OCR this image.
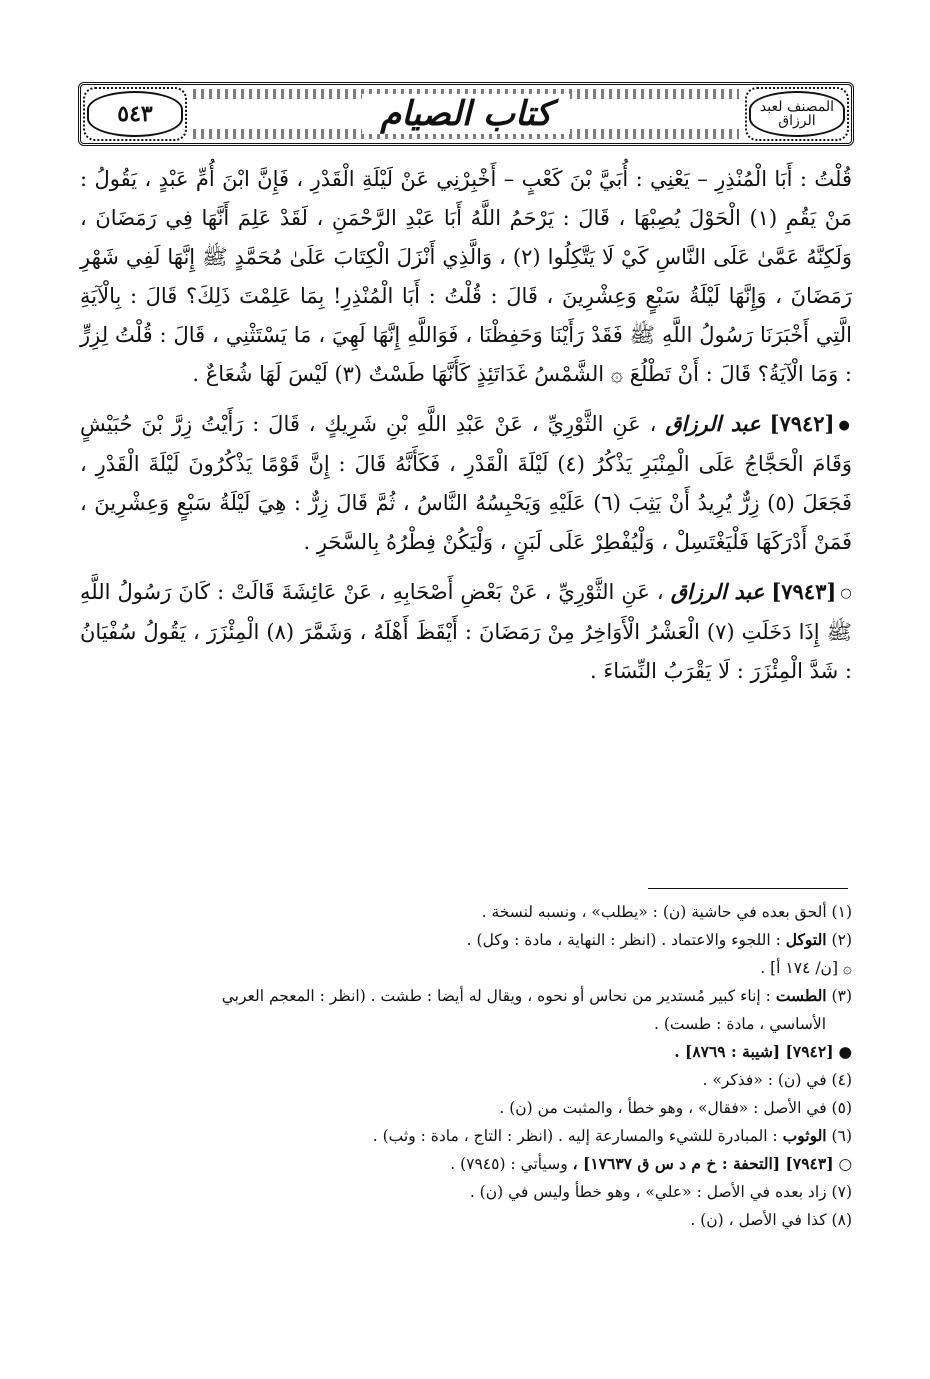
المصنف لعبد الرزاق
كتاب الصيام
٥٤٣

قُلْتُ : أَبَا الْمُنْذِرِ – يَعْنِي : أُبَيَّ بْنَ كَعْبٍ – أَخْبِرْنِي عَنْ لَيْلَةِ الْقَدْرِ ، فَإِنَّ ابْنَ أُمِّ عَبْدٍ ، يَقُولُ : مَنْ يَقُمِ (١) الْحَوْلَ يُصِبْهَا ، قَالَ : يَرْحَمُ اللَّهُ أَبَا عَبْدِ الرَّحْمَنِ ، لَقَدْ عَلِمَ أَنَّهَا فِي رَمَضَانَ ، وَلَكِنَّهُ عَمَّىٰ عَلَى النَّاسِ كَيْ لَا يَتَّكِلُوا (٢) ، وَالَّذِي أَنْزَلَ الْكِتَابَ عَلَىٰ مُحَمَّدٍ ﷺ إِنَّهَا لَفِي شَهْرِ رَمَضَانَ ، وَإِنَّهَا لَيْلَةُ سَبْعٍ وَعِشْرِينَ ، قَالَ : قُلْتُ : أَبَا الْمُنْذِرِ! بِمَا عَلِمْتَ ذَلِكَ؟ قَالَ : بِالْآيَةِ الَّتِي أَخْبَرَنَا رَسُولُ اللَّهِ ﷺ فَقَدْ رَأَيْنَا وَحَفِظْنَا ، فَوَاللَّهِ إِنَّهَا لَهِيَ ، مَا يَسْتَثْنِي ، قَالَ : قُلْتُ لِزِرٍّ : وَمَا الْآيَةُ؟ قَالَ : أَنْ تَطْلُعَ ۞ الشَّمْسُ غَدَاتَئِذٍ كَأَنَّهَا طَسْتٌ (٣) لَيْسَ لَهَا شُعَاعٌ .

●[٧٩٤٢] عبد الرزاق ، عَنِ الثَّوْرِيِّ ، عَنْ عَبْدِ اللَّهِ بْنِ شَرِيكٍ ، قَالَ : رَأَيْتُ زِرَّ بْنَ حُبَيْشٍ وَقَامَ الْحَجَّاجُ عَلَى الْمِنْبَرِ يَذْكُرُ (٤) لَيْلَةَ الْقَدْرِ ، فَكَأَنَّهُ قَالَ : إِنَّ قَوْمًا يَذْكُرُونَ لَيْلَةَ الْقَدْرِ ، فَجَعَلَ (٥) زِرٌّ يُرِيدُ أَنْ يَثِبَ (٦) عَلَيْهِ وَيَحْبِسُهُ النَّاسُ ، ثُمَّ قَالَ زِرٌّ : هِيَ لَيْلَةُ سَبْعٍ وَعِشْرِينَ ، فَمَنْ أَدْرَكَهَا فَلْيَغْتَسِلْ ، وَلْيُفْطِرْ عَلَى لَبَنٍ ، وَلْيَكُنْ فِطْرُهُ بِالسَّحَرِ .

○[٧٩٤٣] عبد الرزاق ، عَنِ الثَّوْرِيِّ ، عَنْ بَعْضِ أَصْحَابِهِ ، عَنْ عَائِشَةَ قَالَتْ : كَانَ رَسُولُ اللَّهِ ﷺ إِذَا دَخَلَتِ (٧) الْعَشْرُ الْأَوَاخِرُ مِنْ رَمَضَانَ : أَيْقَظَ أَهْلَهُ ، وَشَمَّرَ (٨) الْمِئْزَرَ ، يَقُولُ سُفْيَانُ : شَدَّ الْمِئْزَرَ : لَا يَقْرَبُ النِّسَاءَ .

(١) ألحق بعده في حاشية (ن) : «يطلب» ، ونسبه لنسخة .
(٢) التوكل : اللجوء والاعتماد . (انظر : النهاية ، مادة : وكل) .
۞ [ن/ ١٧٤ أ] .
(٣) الطست : إناء كبير مُستدير من نحاس أو نحوه ، ويقال له أيضا : طشت . (انظر : المعجم العربي
الأساسي ، مادة : طست) .
● [٧٩٤٢] [شيبة : ٨٧٦٩] .
(٤) في (ن) : «فذكر» .
(٥) في الأصل : «فقال» ، وهو خطأ ، والمثبت من (ن) .
(٦) الوثوب : المبادرة للشيء والمسارعة إليه . (انظر : التاج ، مادة : وثب) .
○ [٧٩٤٣] [التحفة : خ م د س ق ١٧٦٣٧] ، وسيأتي : (٧٩٤٥) .
(٧) زاد بعده في الأصل : «علي» ، وهو خطأ وليس في (ن) .
(٨) كذا في الأصل ، (ن) .
